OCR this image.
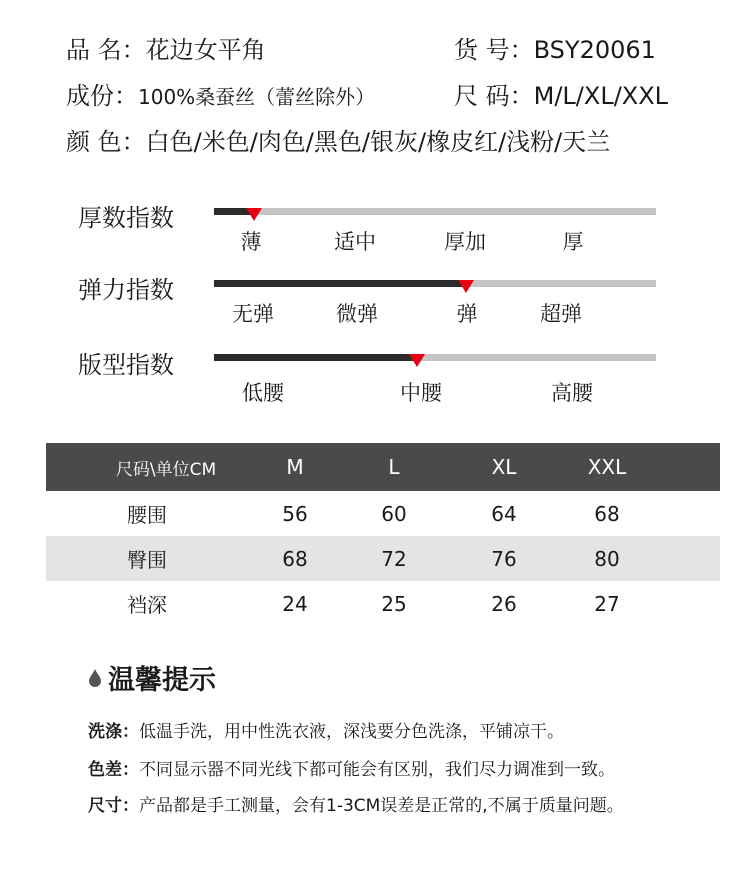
品 名：花边女平角	货 号：BSY20061
成份：100%桑蚕丝（蕾丝除外）	尺 码：M/L/XL/XXL
颜 色：白色/米色/肉色/黑色/银灰/橡皮红/浅粉/天兰
厚数指数
薄	适中	厚加	厚
弹力指数
无弹	微弹	弹	超弹
版型指数
低腰	中腰	高腰
尺码\单位CM	M	L	XL	XXL
腰围	56	60	64	68
臀围	68	72	76	80
裆深	24	25	26	27
温馨提示
洗涤：低温手洗，用中性洗衣液，深浅要分色洗涤，平铺凉干。
色差：不同显示器不同光线下都可能会有区别，我们尽力调准到一致。
尺寸：产品都是手工测量，会有1-3CM误差是正常的,不属于质量问题。
